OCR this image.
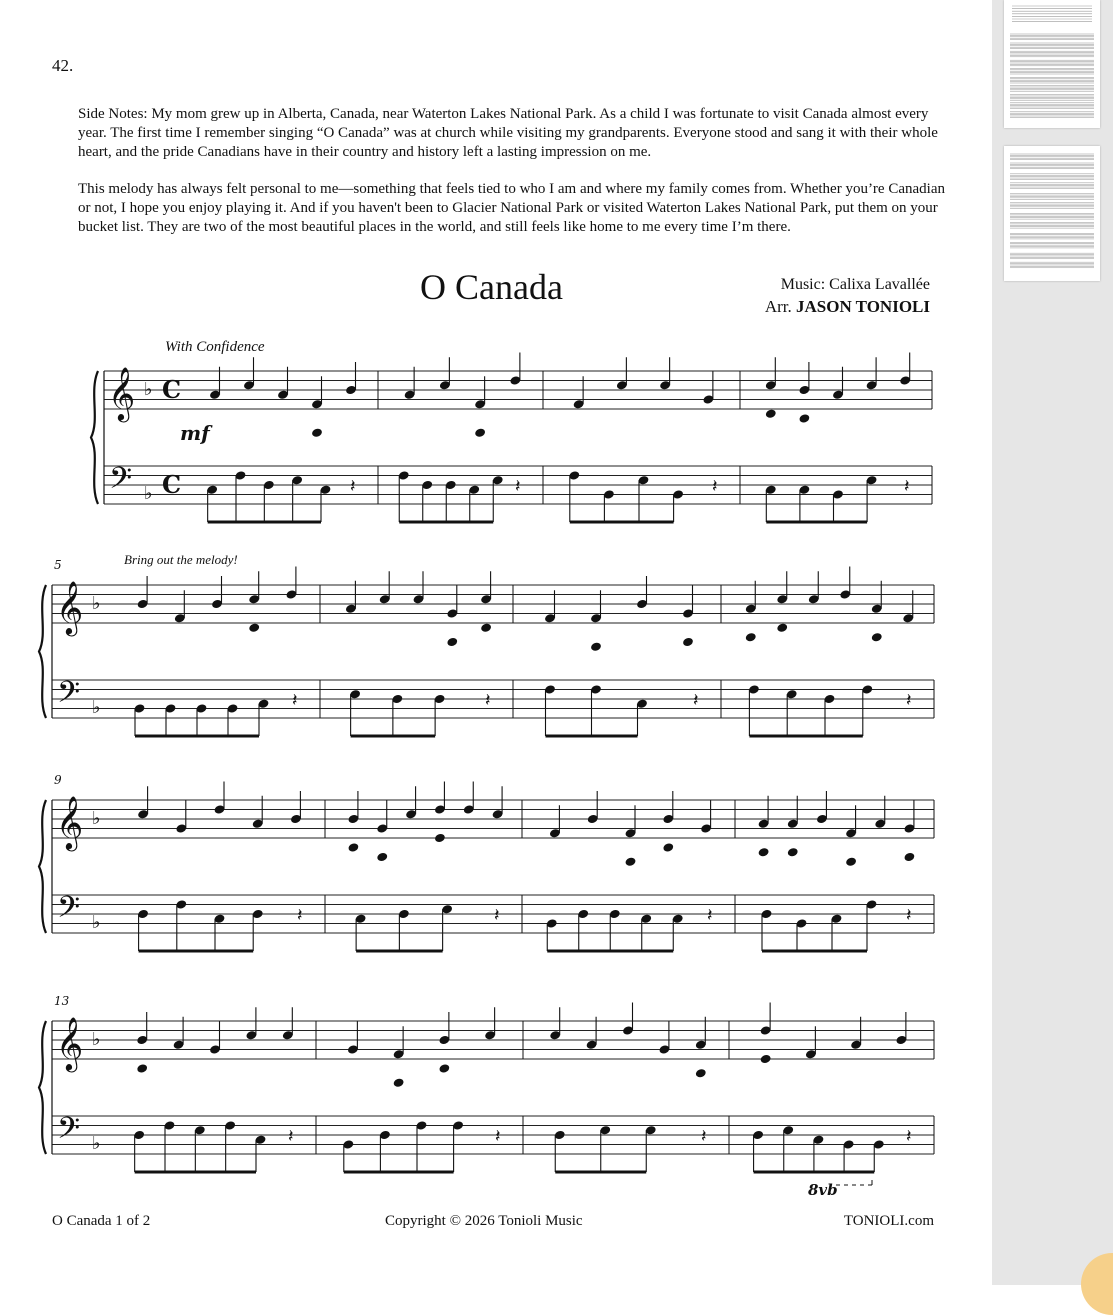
42.

Side Notes: My mom grew up in Alberta, Canada, near Waterton Lakes National Park. As a child I was fortunate to visit Canada almost every year. The first time I remember singing “O Canada” was at church while visiting my grandparents. Everyone stood and sang it with their whole heart, and the pride Canadians have in their country and history left a lasting impression on me.

This melody has always felt personal to me—something that feels tied to who I am and where my family comes from. Whether you’re Canadian or not, I hope you enjoy playing it. And if you haven't been to Glacier National Park or visited Waterton Lakes National Park, put them on your bucket list. They are two of the most beautiful places in the world, and still feels like home to me every time I’m there.

O Canada	Music: Calixa Lavallée
Arr. JASON TONIOLI
With Confidence
Bring out the melody!
𝄞
𝄢
♭
♭
C
C
mf
𝄽	𝄽	𝄽	𝄽
𝄞
𝄢
♭
♭
5
𝄽	𝄽	𝄽	𝄽
𝄞
𝄢
♭
♭
9
𝄽	𝄽	𝄽	𝄽
𝄞
𝄢
♭
♭
13
𝄽	𝄽	𝄽	𝄽
8vb
O Canada 1 of 2	Copyright © 2026 Tonioli Music	TONIOLI.com
